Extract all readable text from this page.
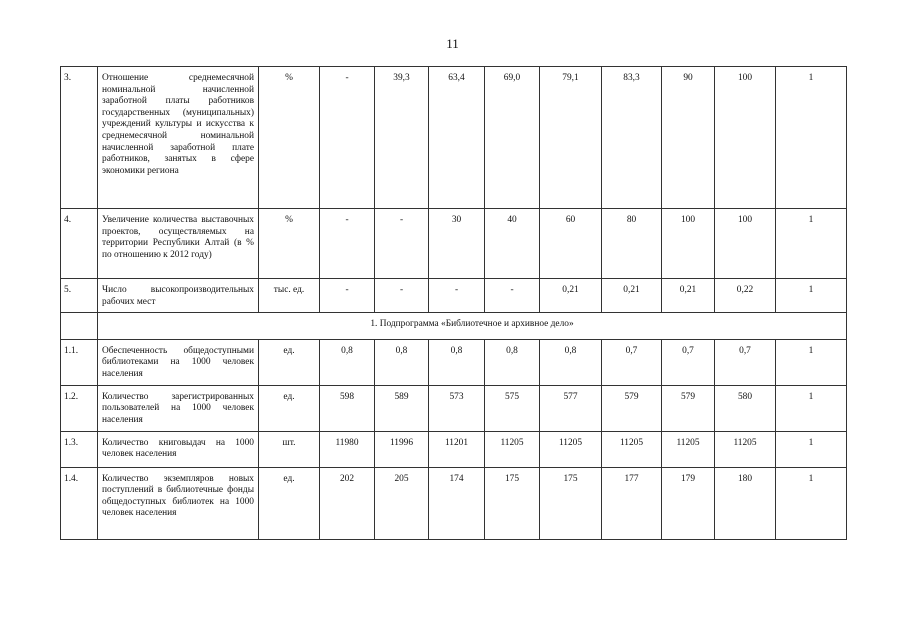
11
3.	Отношение среднемесячной номинальной начисленной заработной платы работников государственных (муниципальных) учреждений культуры и искусства к среднемесячной номинальной начисленной заработной плате работников, занятых в сфере экономики региона	%	-	39,3	63,4	69,0	79,1	83,3	90	100	1
4.	Увеличение количества выставочных проектов, осуществляемых на территории Республики Алтай (в % по отношению к 2012 году)	%	-	-	30	40	60	80	100	100	1
5.	Число высокопроизводительных рабочих мест	тыс. ед.	-	-	-	-	0,21	0,21	0,21	0,22	1
	1. Подпрограмма «Библиотечное и архивное дело»										
1.1.	Обеспеченность общедоступными библиотеками на 1000 человек населения	ед.	0,8	0,8	0,8	0,8	0,8	0,7	0,7	0,7	1
1.2.	Количество зарегистрированных пользователей на 1000 человек населения	ед.	598	589	573	575	577	579	579	580	1
1.3.	Количество книговыдач на 1000 человек населения	шт.	11980	11996	11201	11205	11205	11205	11205	11205	1
1.4.	Количество экземпляров новых поступлений в библиотечные фонды общедоступных библиотек на 1000 человек населения	ед.	202	205	174	175	175	177	179	180	1
